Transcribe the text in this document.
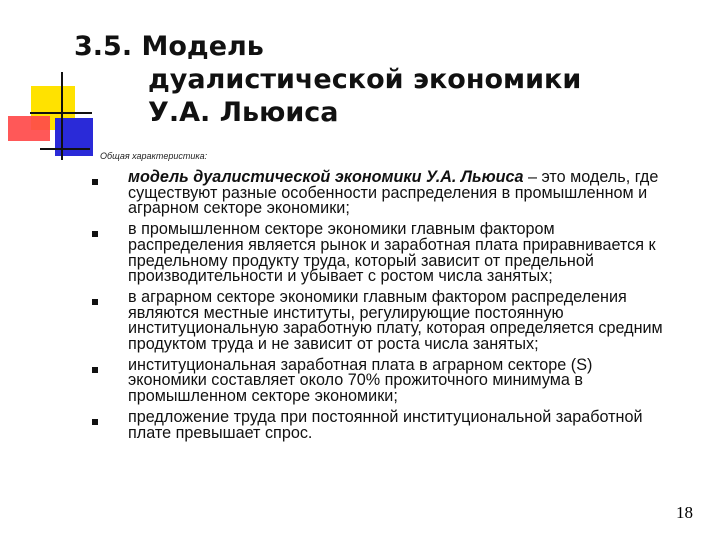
3.5. Модель
дуалистической экономики
У.А. Льюиса
Общая характеристика:
модель дуалистической экономики У.А. Льюиса – это модель, где существуют разные особенности распределения в промышленном и аграрном секторе экономики;
в промышленном секторе экономики главным фактором распределения является рынок и заработная плата приравнивается к предельному продукту труда, который зависит от предельной производительности и убывает с ростом числа занятых;
в аграрном секторе экономики главным фактором распределения являются местные институты, регулирующие постоянную институциональную заработную плату, которая определяется средним продуктом труда и не зависит от роста числа занятых;
институциональная заработная плата в аграрном секторе (S) экономики составляет около 70% прожиточного минимума в промышленном секторе экономики;
предложение труда при постоянной институциональной заработной плате превышает спрос.
18
